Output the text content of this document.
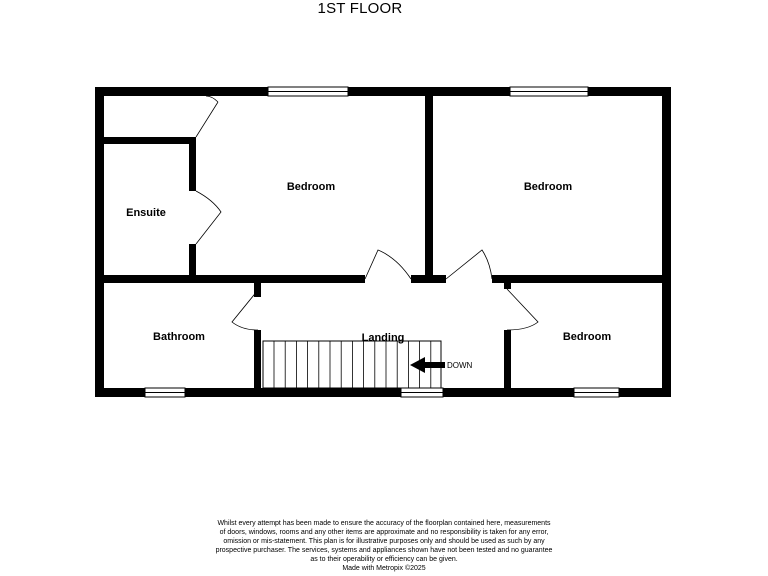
1ST FLOOR
DOWN
Bedroom	Bedroom
Ensuite
Bathroom	Landing	Bedroom
Whilst every attempt has been made to ensure the accuracy of the floorplan contained here, measurements
of doors, windows, rooms and any other items are approximate and no responsibility is taken for any error,
omission or mis-statement. This plan is for illustrative purposes only and should be used as such by any
prospective purchaser. The services, systems and appliances shown have not been tested and no guarantee
as to their operability or efficiency can be given.
Made with Metropix ©2025
